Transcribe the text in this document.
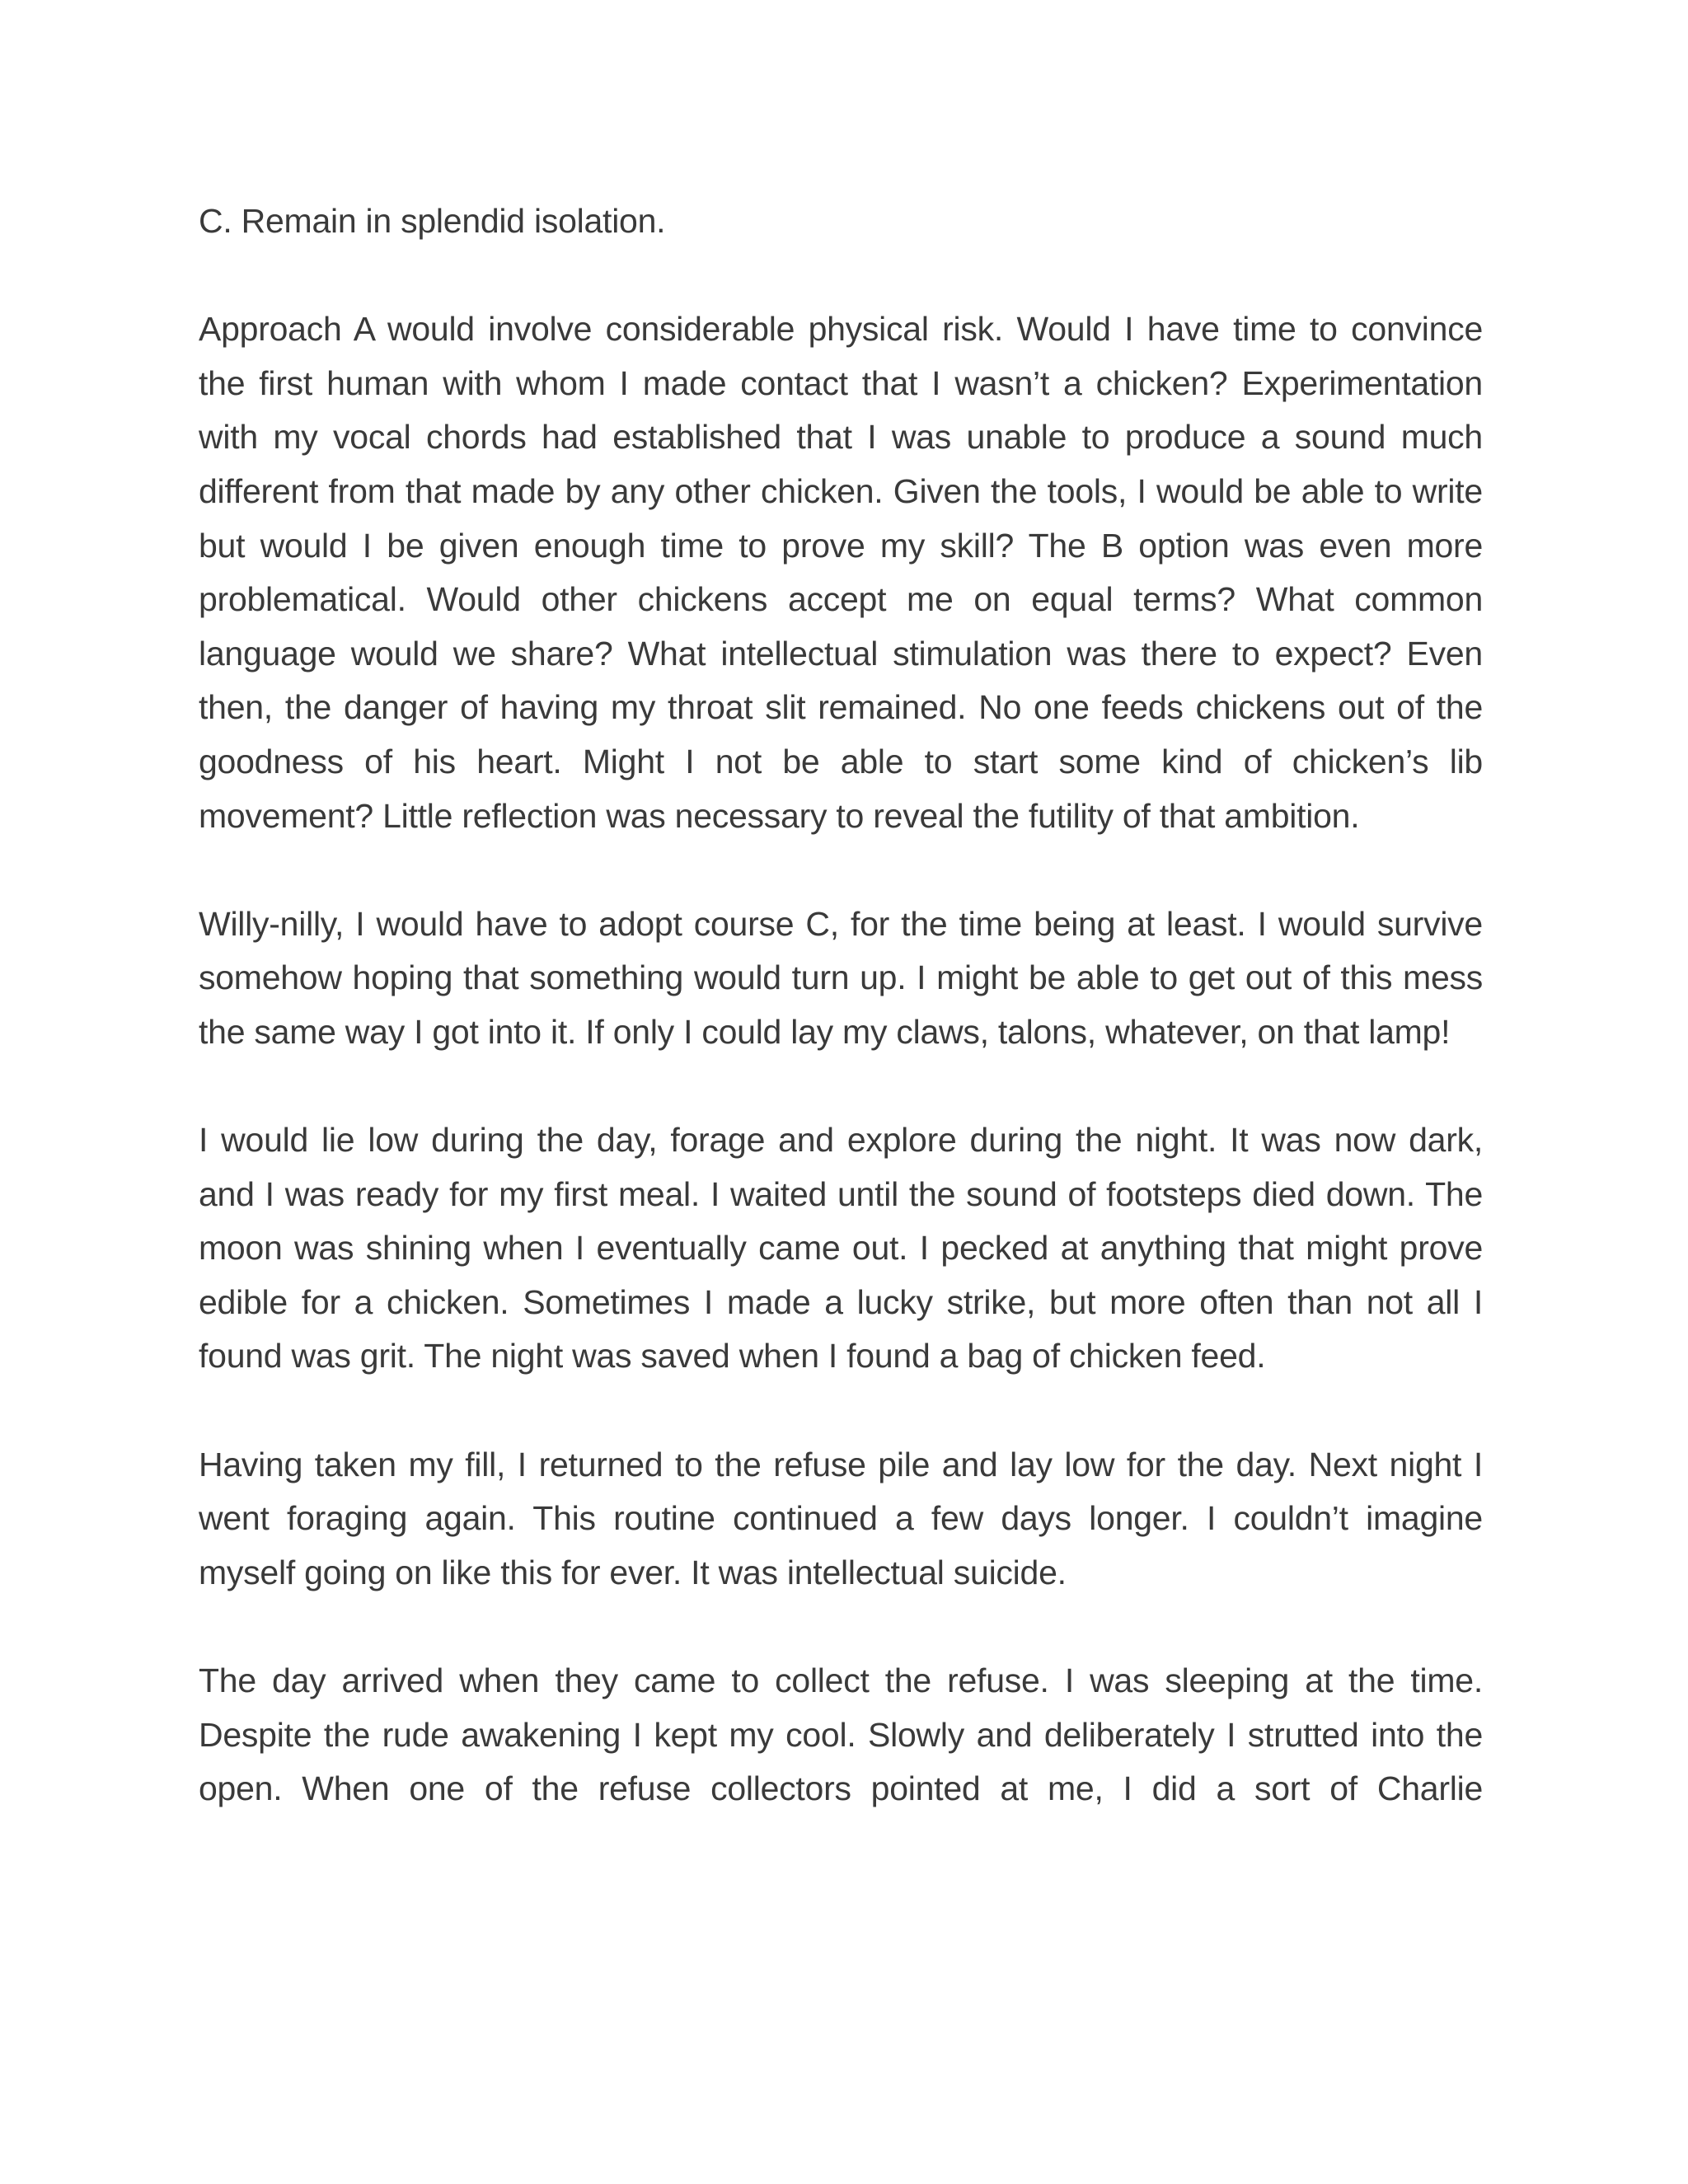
C. Remain in splendid isolation.

Approach A would involve considerable physical risk. Would I have time to convince the first human with whom I made contact that I wasn’t a chicken? Experimentation with my vocal chords had established that I was unable to produce a sound much different from that made by any other chicken. Given the tools, I would be able to write but would I be given enough time to prove my skill? The B option was even more problematical. Would other chickens accept me on equal terms? What common language would we share? What intellectual stimulation was there to expect? Even then, the danger of having my throat slit remained. No one feeds chickens out of the goodness of his heart. Might I not be able to start some kind of chicken’s lib movement? Little reflection was necessary to reveal the futility of that ambition.

Willy-nilly, I would have to adopt course C, for the time being at least. I would survive somehow hoping that something would turn up. I might be able to get out of this mess the same way I got into it. If only I could lay my claws, talons, whatever, on that lamp!

I would lie low during the day, forage and explore during the night. It was now dark, and I was ready for my first meal. I waited until the sound of footsteps died down. The moon was shining when I eventually came out. I pecked at anything that might prove edible for a chicken. Sometimes I made a lucky strike, but more often than not all I found was grit. The night was saved when I found a bag of chicken feed.

Having taken my fill, I returned to the refuse pile and lay low for the day. Next night I went foraging again. This routine continued a few days longer. I couldn’t imagine myself going on like this for ever. It was intellectual suicide.

The day arrived when they came to collect the refuse. I was sleeping at the time. Despite the rude awakening I kept my cool. Slowly and deliberately I strutted into the open. When one of the refuse collectors pointed at me, I did a sort of Charlie
